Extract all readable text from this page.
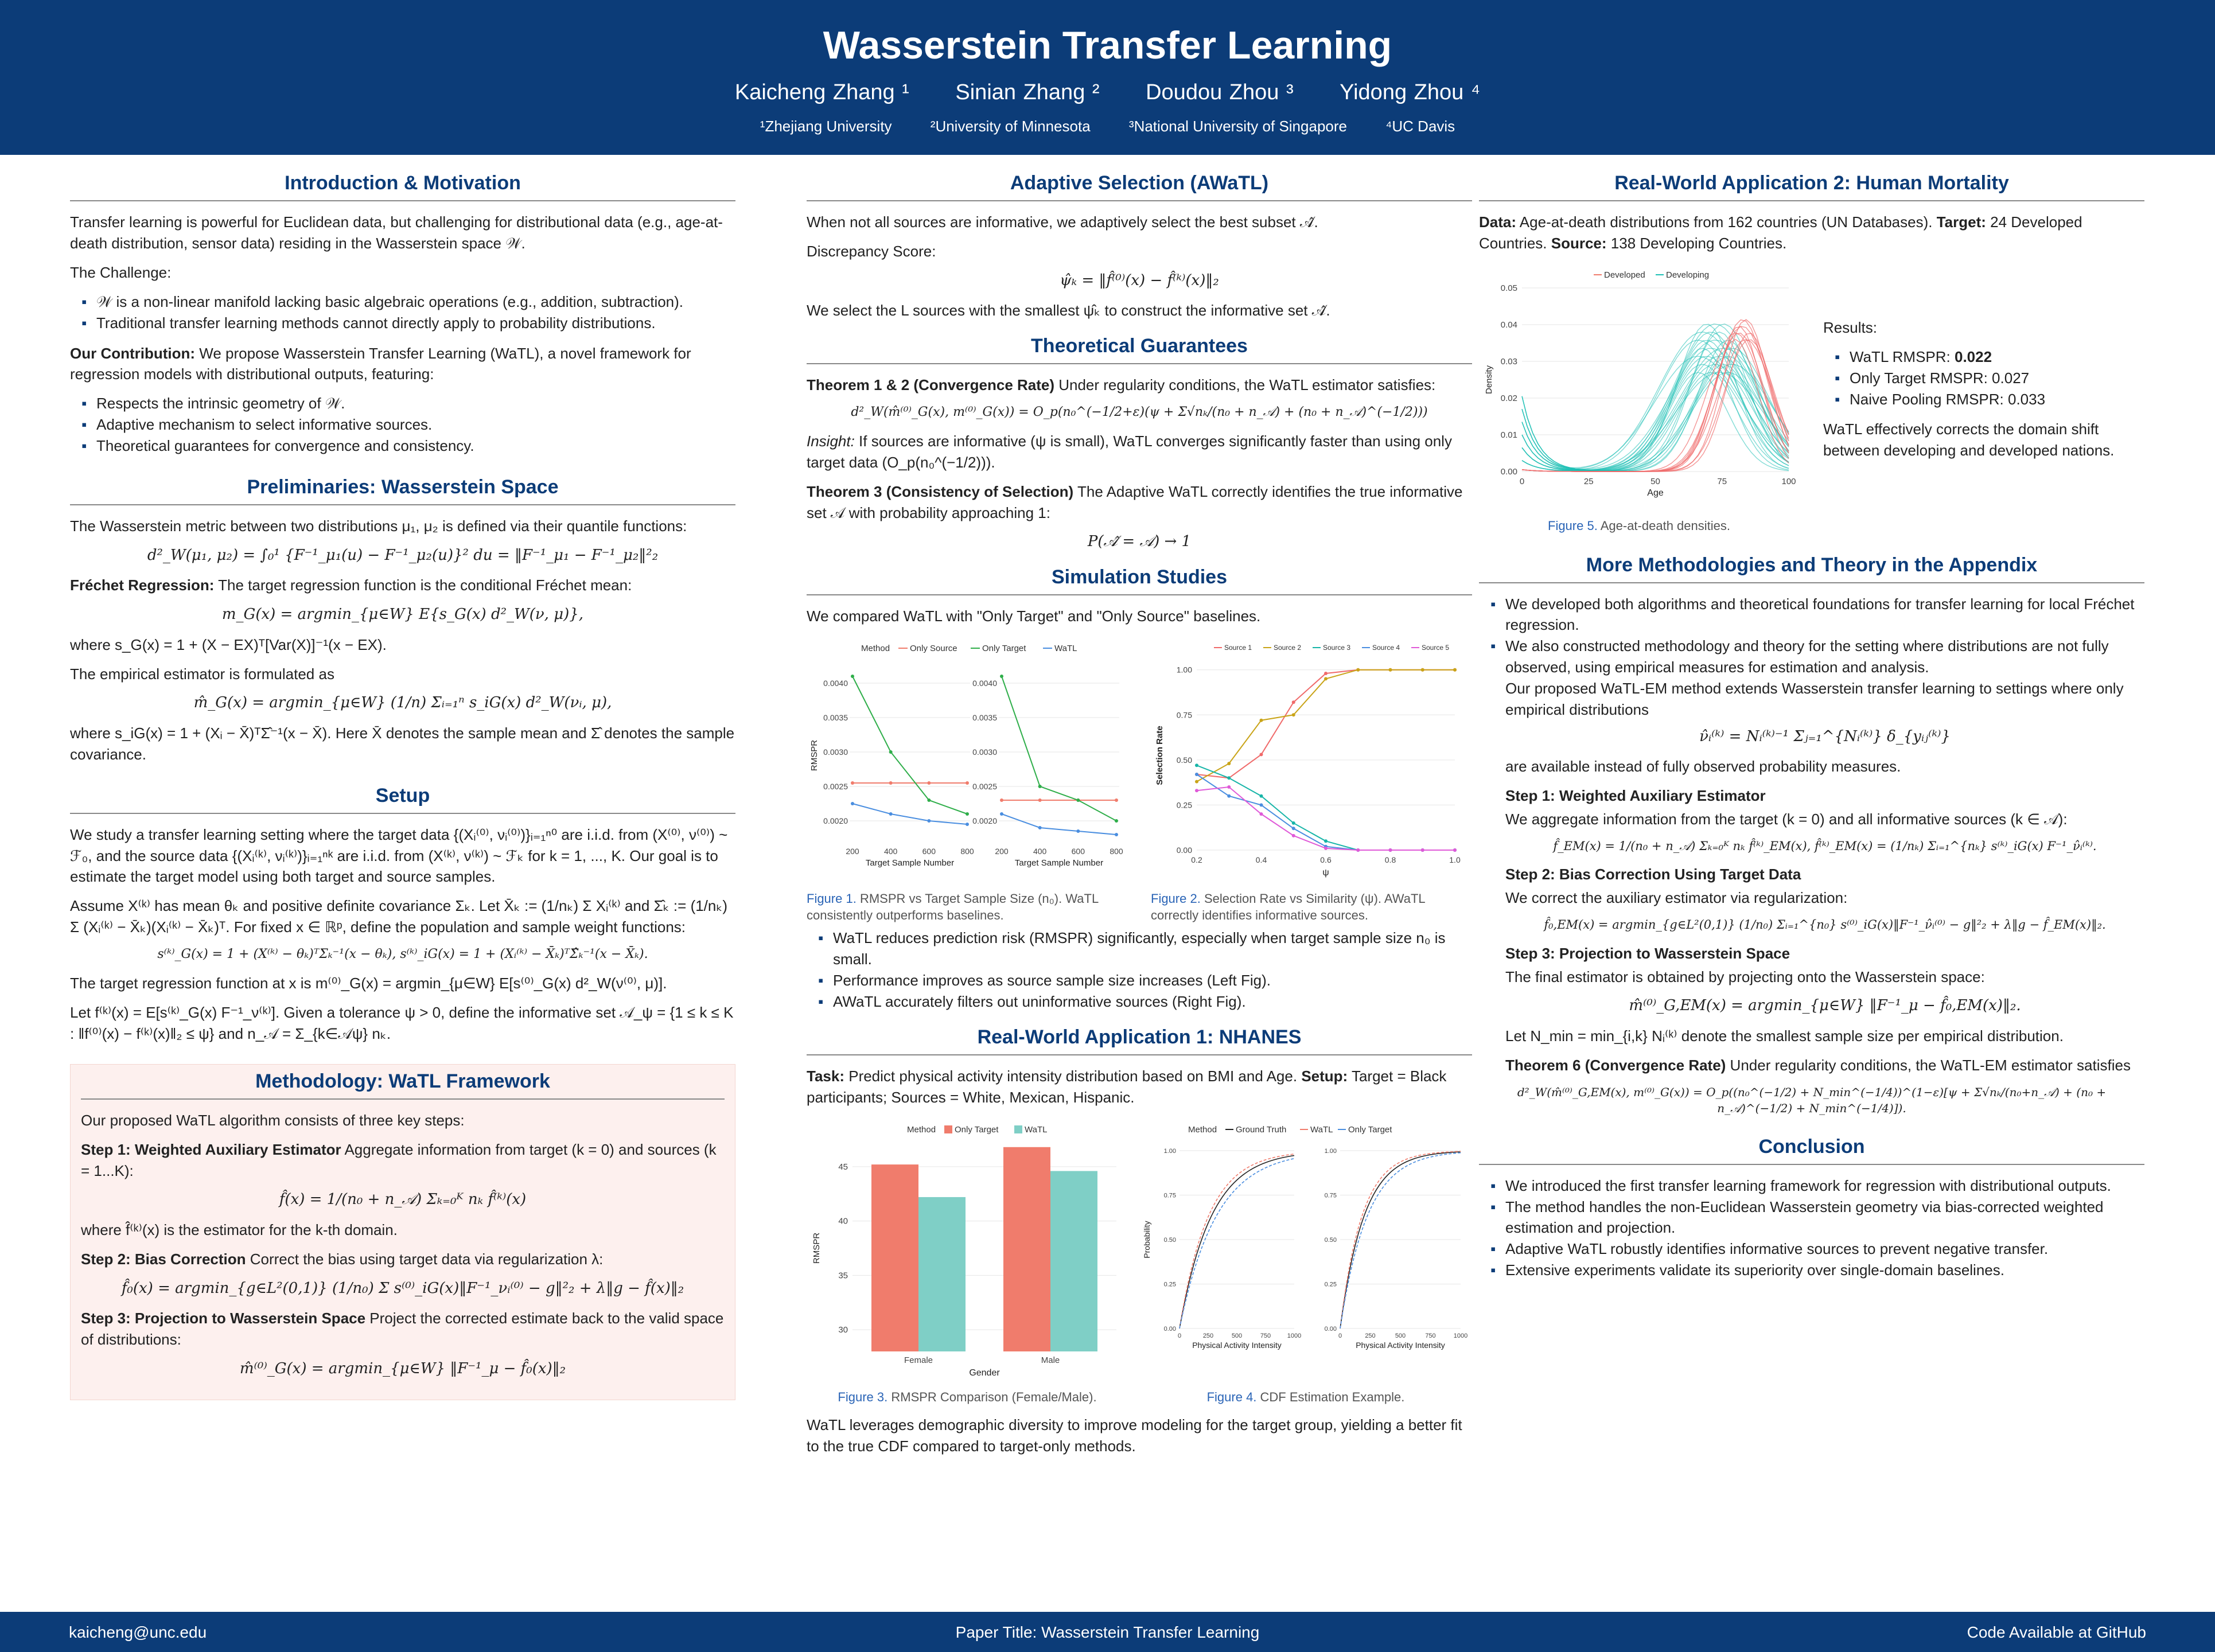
Wasserstein Transfer Learning
Kaicheng Zhang ¹ Sinian Zhang ² Doudou Zhou ³ Yidong Zhou ⁴
¹Zhejiang University	²University of Minnesota	³National University of Singapore	⁴UC Davis
Introduction & Motivation

Transfer learning is powerful for Euclidean data, but challenging for distributional data (e.g., age-at-death distribution, sensor data) residing in the Wasserstein space 𝒲.

The Challenge:

▪ 𝒲 is a non-linear manifold lacking basic algebraic operations (e.g., addition, subtraction).
▪ Traditional transfer learning methods cannot directly apply to probability distributions.

Our Contribution: We propose Wasserstein Transfer Learning (WaTL), a novel framework for regression models with distributional outputs, featuring:

▪ Respects the intrinsic geometry of 𝒲.
▪ Adaptive mechanism to select informative sources.
▪ Theoretical guarantees for convergence and consistency.
Preliminaries: Wasserstein Space

The Wasserstein metric between two distributions μ₁, μ₂ is defined via their quantile functions:

d²_W(μ₁, μ₂) = ∫₀¹ {F⁻¹_μ₁(u) − F⁻¹_μ₂(u)}² du = ‖F⁻¹_μ₁ − F⁻¹_μ₂‖²₂

Fréchet Regression: The target regression function is the conditional Fréchet mean:

m_G(x) = argmin_{μ∈W} E{s_G(x) d²_W(ν, μ)},

where s_G(x) = 1 + (X − EX)ᵀ[Var(X)]⁻¹(x − EX).

The empirical estimator is formulated as

m̂_G(x) = argmin_{μ∈W} (1/n) Σᵢ₌₁ⁿ s_iG(x) d²_W(νᵢ, μ),

where s_iG(x) = 1 + (Xᵢ − X̄)ᵀΣ̂⁻¹(x − X̄). Here X̄ denotes the sample mean and Σ̂ denotes the sample covariance.

Setup

We study a transfer learning setting where the target data {(Xᵢ⁽⁰⁾, νᵢ⁽⁰⁾)}ᵢ₌₁ⁿ⁰ are i.i.d. from (X⁽⁰⁾, ν⁽⁰⁾) ~ ℱ₀, and the source data {(Xᵢ⁽ᵏ⁾, νᵢ⁽ᵏ⁾)}ᵢ₌₁ⁿᵏ are i.i.d. from (X⁽ᵏ⁾, ν⁽ᵏ⁾) ~ ℱₖ for k = 1, ..., K. Our goal is to estimate the target model using both target and source samples.

Assume X⁽ᵏ⁾ has mean θₖ and positive definite covariance Σₖ. Let X̄ₖ := (1/nₖ) Σ Xᵢ⁽ᵏ⁾ and Σ̂ₖ := (1/nₖ) Σ (Xᵢ⁽ᵏ⁾ − X̄ₖ)(Xᵢ⁽ᵏ⁾ − X̄ₖ)ᵀ. For fixed x ∈ ℝᵖ, define the population and sample weight functions:

s⁽ᵏ⁾_G(x) = 1 + (X⁽ᵏ⁾ − θₖ)ᵀΣₖ⁻¹(x − θₖ), s⁽ᵏ⁾_iG(x) = 1 + (Xᵢ⁽ᵏ⁾ − X̄ₖ)ᵀΣ̂ₖ⁻¹(x − X̄ₖ).

The target regression function at x is m⁽⁰⁾_G(x) = argmin_{μ∈W} E[s⁽⁰⁾_G(x) d²_W(ν⁽⁰⁾, μ)].

Let f⁽ᵏ⁾(x) = E[s⁽ᵏ⁾_G(x) F⁻¹_ν⁽ᵏ⁾]. Given a tolerance ψ > 0, define the informative set 𝒜_ψ = {1 ≤ k ≤ K : ‖f⁽⁰⁾(x) − f⁽ᵏ⁾(x)‖₂ ≤ ψ} and n_𝒜 = Σ_{k∈𝒜ψ} nₖ.

Methodology: WaTL Framework

Our proposed WaTL algorithm consists of three key steps:

Step 1: Weighted Auxiliary Estimator Aggregate information from target (k = 0) and sources (k = 1...K):

f̂(x) = 1/(n₀ + n_𝒜) Σₖ₌₀ᴷ nₖ f̂⁽ᵏ⁾(x)

where f̂⁽ᵏ⁾(x) is the estimator for the k-th domain.

Step 2: Bias Correction Correct the bias using target data via regularization λ:

f̂₀(x) = argmin_{g∈L²(0,1)} (1/n₀) Σ s⁽⁰⁾_iG(x)‖F⁻¹_νᵢ⁽⁰⁾ − g‖²₂ + λ‖g − f̂(x)‖₂

Step 3: Projection to Wasserstein Space Project the corrected estimate back to the valid space of distributions:

m̂⁽⁰⁾_G(x) = argmin_{μ∈W} ‖F⁻¹_μ − f̂₀(x)‖₂
Adaptive Selection (AWaTL)

When not all sources are informative, we adaptively select the best subset 𝒜̂.

Discrepancy Score:

ψ̂ₖ = ‖f̂⁽⁰⁾(x) − f̂⁽ᵏ⁾(x)‖₂

We select the L sources with the smallest ψ̂ₖ to construct the informative set 𝒜̂.

Theoretical Guarantees

Theorem 1 & 2 (Convergence Rate) Under regularity conditions, the WaTL estimator satisfies:

d²_W(m̂⁽⁰⁾_G(x), m⁽⁰⁾_G(x)) = O_p(n₀^(−1/2+ε)(ψ + Σ√nₖ/(n₀ + n_𝒜) + (n₀ + n_𝒜)^(−1/2)))

Insight: If sources are informative (ψ is small), WaTL converges significantly faster than using only target data (O_p(n₀^(−1/2))).

Theorem 3 (Consistency of Selection) The Adaptive WaTL correctly identifies the true informative set 𝒜 with probability approaching 1:

P(𝒜̂ = 𝒜) → 1
Simulation Studies

We compared WaTL with "Only Target" and "Only Source" baselines.

Method Only Source	Only Target	WaTL
0.0020
0.0025
0.0030
0.0035
0.0040
200	400	600	800
Target Sample Number
0.0020
0.0025
0.0030
0.0035
0.0040
200	400	600	800
Target Sample Number
RMSPR
Figure 1. RMSPR vs Target Sample Size (n₀). WaTL consistently outperforms baselines.
Source 1	Source 2	Source 3	Source 4	Source 5
0.00
0.25
0.50
0.75
1.00
0.2	0.4	0.6	0.8	1.0
ψ
Selection Rate
Figure 2. Selection Rate vs Similarity (ψ). AWaTL correctly identifies informative sources.
▪ WaTL reduces prediction risk (RMSPR) significantly, especially when target sample size n₀ is small.
▪ Performance improves as source sample size increases (Left Fig).
▪ AWaTL accurately filters out uninformative sources (Right Fig).
Real-World Application 1: NHANES

Task: Predict physical activity intensity distribution based on BMI and Age. Setup: Target = Black participants; Sources = White, Mexican, Hispanic.

Method Only Target	WaTL
30
35
40
45
Female	Male
Gender
RMSPR
Figure 3. RMSPR Comparison (Female/Male).
Method Ground Truth	WaTL Only Target
0.00
0.25
0.50
0.75
1.00
0	250	500	750	1000
Physical Activity Intensity
0.00
0.25
0.50
0.75
1.00
0	250	500	750	1000
Physical Activity Intensity
Probability
Figure 4. CDF Estimation Example.

WaTL leverages demographic diversity to improve modeling for the target group, yielding a better fit to the true CDF compared to target-only methods.

Real-World Application 2: Human Mortality

Data: Age-at-death distributions from 162 countries (UN Databases). Target: 24 Developed Countries. Source: 138 Developing Countries.

Developed Developing
0.00
0.01
0.02
0.03
0.04
0.05
0	25	50	75	100
Age
Density
Figure 5. Age-at-death densities.

Results:

▪ WaTL RMSPR: 0.022
▪ Only Target RMSPR: 0.027
▪ Naive Pooling RMSPR: 0.033

WaTL effectively corrects the domain shift between developing and developed nations.

More Methodologies and Theory in the Appendix
▪ We developed both algorithms and theoretical foundations for transfer learning for local Fréchet regression.
▪ We also constructed methodology and theory for the setting where distributions are not fully observed, using empirical measures for estimation and analysis.
Our proposed WaTL-EM method extends Wasserstein transfer learning to settings where only empirical distributions
ν̂ᵢ⁽ᵏ⁾ = Nᵢ⁽ᵏ⁾⁻¹ Σⱼ₌₁^{Nᵢ⁽ᵏ⁾} δ_{yᵢⱼ⁽ᵏ⁾}

are available instead of fully observed probability measures.

Step 1: Weighted Auxiliary Estimator

We aggregate information from the target (k = 0) and all informative sources (k ∈ 𝒜):

f̂_EM(x) = 1/(n₀ + n_𝒜) Σₖ₌₀ᴷ nₖ f̂⁽ᵏ⁾_EM(x), f̂⁽ᵏ⁾_EM(x) = (1/nₖ) Σᵢ₌₁^{nₖ} s⁽ᵏ⁾_iG(x) F⁻¹_ν̂ᵢ⁽ᵏ⁾.

Step 2: Bias Correction Using Target Data

We correct the auxiliary estimator via regularization:

f̂₀,EM(x) = argmin_{g∈L²(0,1)} (1/n₀) Σᵢ₌₁^{n₀} s⁽⁰⁾_iG(x)‖F⁻¹_ν̂ᵢ⁽⁰⁾ − g‖²₂ + λ‖g − f̂_EM(x)‖₂.

Step 3: Projection to Wasserstein Space

The final estimator is obtained by projecting onto the Wasserstein space:

m̂⁽⁰⁾_G,EM(x) = argmin_{μ∈W} ‖F⁻¹_μ − f̂₀,EM(x)‖₂.

Let N_min = min_{i,k} Nᵢ⁽ᵏ⁾ denote the smallest sample size per empirical distribution.

Theorem 6 (Convergence Rate) Under regularity conditions, the WaTL-EM estimator satisfies

d²_W(m̂⁽⁰⁾_G,EM(x), m⁽⁰⁾_G(x)) = O_p((n₀^(−1/2) + N_min^(−1/4))^(1−ε)[ψ + Σ√nₖ/(n₀+n_𝒜) + (n₀ + n_𝒜)^(−1/2) + N_min^(−1/4)]).
Conclusion
▪ We introduced the first transfer learning framework for regression with distributional outputs.
▪ The method handles the non-Euclidean Wasserstein geometry via bias-corrected weighted estimation and projection.
▪ Adaptive WaTL robustly identifies informative sources to prevent negative transfer.
▪ Extensive experiments validate its superiority over single-domain baselines.
kaicheng@unc.edu	Paper Title: Wasserstein Transfer Learning	Code Available at GitHub
